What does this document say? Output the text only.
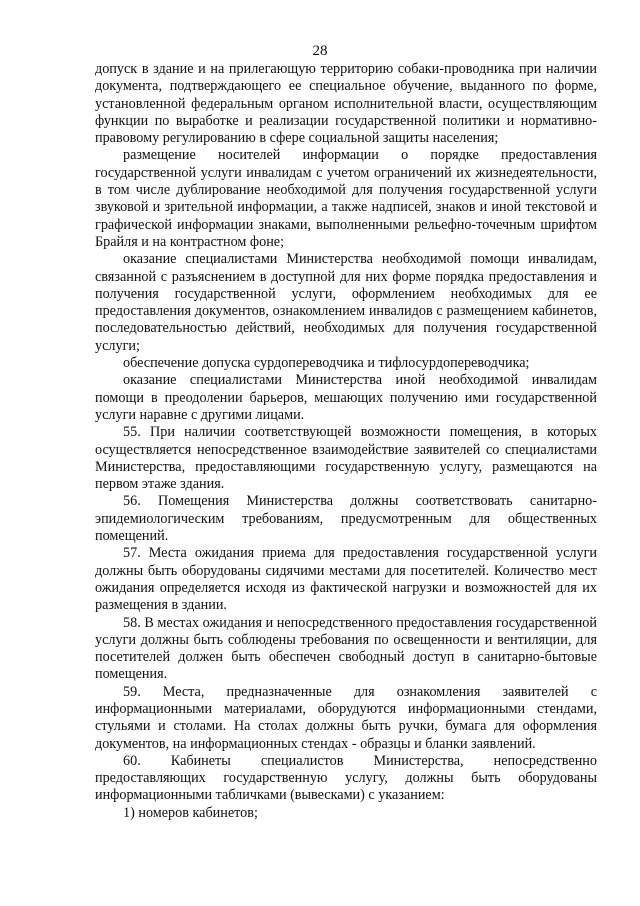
28

допуск в здание и на прилегающую территорию собаки-проводника при наличии документа, подтверждающего ее специальное обучение, выданного по форме, установленной федеральным органом исполнительной власти, осуществляющим функции по выработке и реализации государственной политики и нормативно-правовому регулированию в сфере социальной защиты населения;

размещение носителей информации о порядке предоставления государственной услуги инвалидам с учетом ограничений их жизнедеятельности, в том числе дублирование необходимой для получения государственной услуги звуковой и зрительной информации, а также надписей, знаков и иной текстовой и графической информации знаками, выполненными рельефно-точечным шрифтом Брайля и на контрастном фоне;

оказание специалистами Министерства необходимой помощи инвалидам, связанной с разъяснением в доступной для них форме порядка предоставления и получения государственной услуги, оформлением необходимых для ее предоставления документов, ознакомлением инвалидов с размещением кабинетов, последовательностью действий, необходимых для получения государственной услуги;

обеспечение допуска сурдопереводчика и тифлосурдопереводчика;

оказание специалистами Министерства иной необходимой инвалидам помощи в преодолении барьеров, мешающих получению ими государственной услуги наравне с другими лицами.

55. При наличии соответствующей возможности помещения, в которых осуществляется непосредственное взаимодействие заявителей со специалистами Министерства, предоставляющими государственную услугу, размещаются на первом этаже здания.

56. Помещения Министерства должны соответствовать санитарно-эпидемиологическим требованиям, предусмотренным для общественных помещений.

57. Места ожидания приема для предоставления государственной услуги должны быть оборудованы сидячими местами для посетителей. Количество мест ожидания определяется исходя из фактической нагрузки и возможностей для их размещения в здании.

58. В местах ожидания и непосредственного предоставления государственной услуги должны быть соблюдены требования по освещенности и вентиляции, для посетителей должен быть обеспечен свободный доступ в санитарно-бытовые помещения.

59. Места, предназначенные для ознакомления заявителей с информационными материалами, оборудуются информационными стендами, стульями и столами. На столах должны быть ручки, бумага для оформления документов, на информационных стендах - образцы и бланки заявлений.

60. Кабинеты специалистов Министерства, непосредственно предоставляющих государственную услугу, должны быть оборудованы информационными табличками (вывесками) с указанием:

1) номеров кабинетов;
